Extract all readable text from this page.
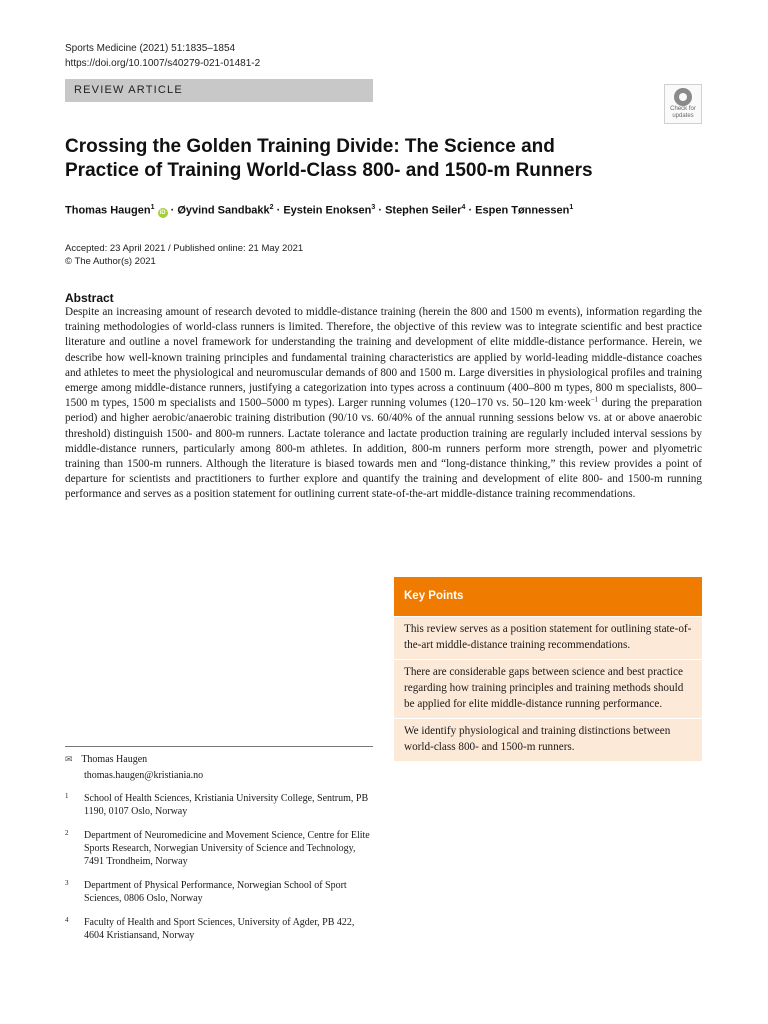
Sports Medicine (2021) 51:1835–1854
https://doi.org/10.1007/s40279-021-01481-2
REVIEW ARTICLE
Check for
updates
Crossing the Golden Training Divide: The Science and Practice of Training World-Class 800- and 1500-m Runners
Thomas Haugen$^1$ iD · Øyvind Sandbakk$^2$ · Eystein Enoksen$^3$ · Stephen Seiler$^4$ · Espen Tønnessen$^1$
Accepted: 23 April 2021 / Published online: 21 May 2021
© The Author(s) 2021
Abstract

Despite an increasing amount of research devoted to middle-distance training (herein the 800 and 1500 m events), information regarding the training methodologies of world-class runners is limited. Therefore, the objective of this review was to integrate scientific and best practice literature and outline a novel framework for understanding the training and development of elite middle-distance performance. Herein, we describe how well-known training principles and fundamental training characteristics are applied by world-leading middle-distance coaches and athletes to meet the physiological and neuromuscular demands of 800 and 1500 m. Large diversities in physiological profiles and training emerge among middle-distance runners, justifying a categorization into types across a continuum (400–800 m types, 800 m specialists, 800–1500 m types, 1500 m specialists and 1500–5000 m types). Larger running volumes (120–170 vs. 50–120 km·week$^{-1}$ during the preparation period) and higher aerobic/anaerobic training distribution (90/10 vs. 60/40% of the annual running sessions below vs. at or above anaerobic threshold) distinguish 1500- and 800-m runners. Lactate tolerance and lactate production training are regularly included interval sessions by middle-distance runners, particularly among 800-m athletes. In addition, 800-m runners perform more strength, power and plyometric training than 1500-m runners. Although the literature is biased towards men and “long-distance thinking,” this review provides a point of departure for scientists and practitioners to further explore and quantify the training and development of elite 800- and 1500-m running performance and serves as a position statement for outlining current state-of-the-art middle-distance training recommendations.

Key Points
This review serves as a position statement for outlining state-of-the-art middle-distance training recommendations.
There are considerable gaps between science and best practice regarding how training principles and training methods should be applied for elite middle-distance running performance.
We identify physiological and training distinctions between world-class 800- and 1500-m runners.
✉ Thomas Haugen
thomas.haugen@kristiania.no
1	School of Health Sciences, Kristiania University College, Sentrum, PB 1190, 0107 Oslo, Norway
2	Department of Neuromedicine and Movement Science, Centre for Elite Sports Research, Norwegian University of Science and Technology, 7491 Trondheim, Norway
3	Department of Physical Performance, Norwegian School of Sport Sciences, 0806 Oslo, Norway
4	Faculty of Health and Sport Sciences, University of Agder, PB 422, 4604 Kristiansand, Norway
